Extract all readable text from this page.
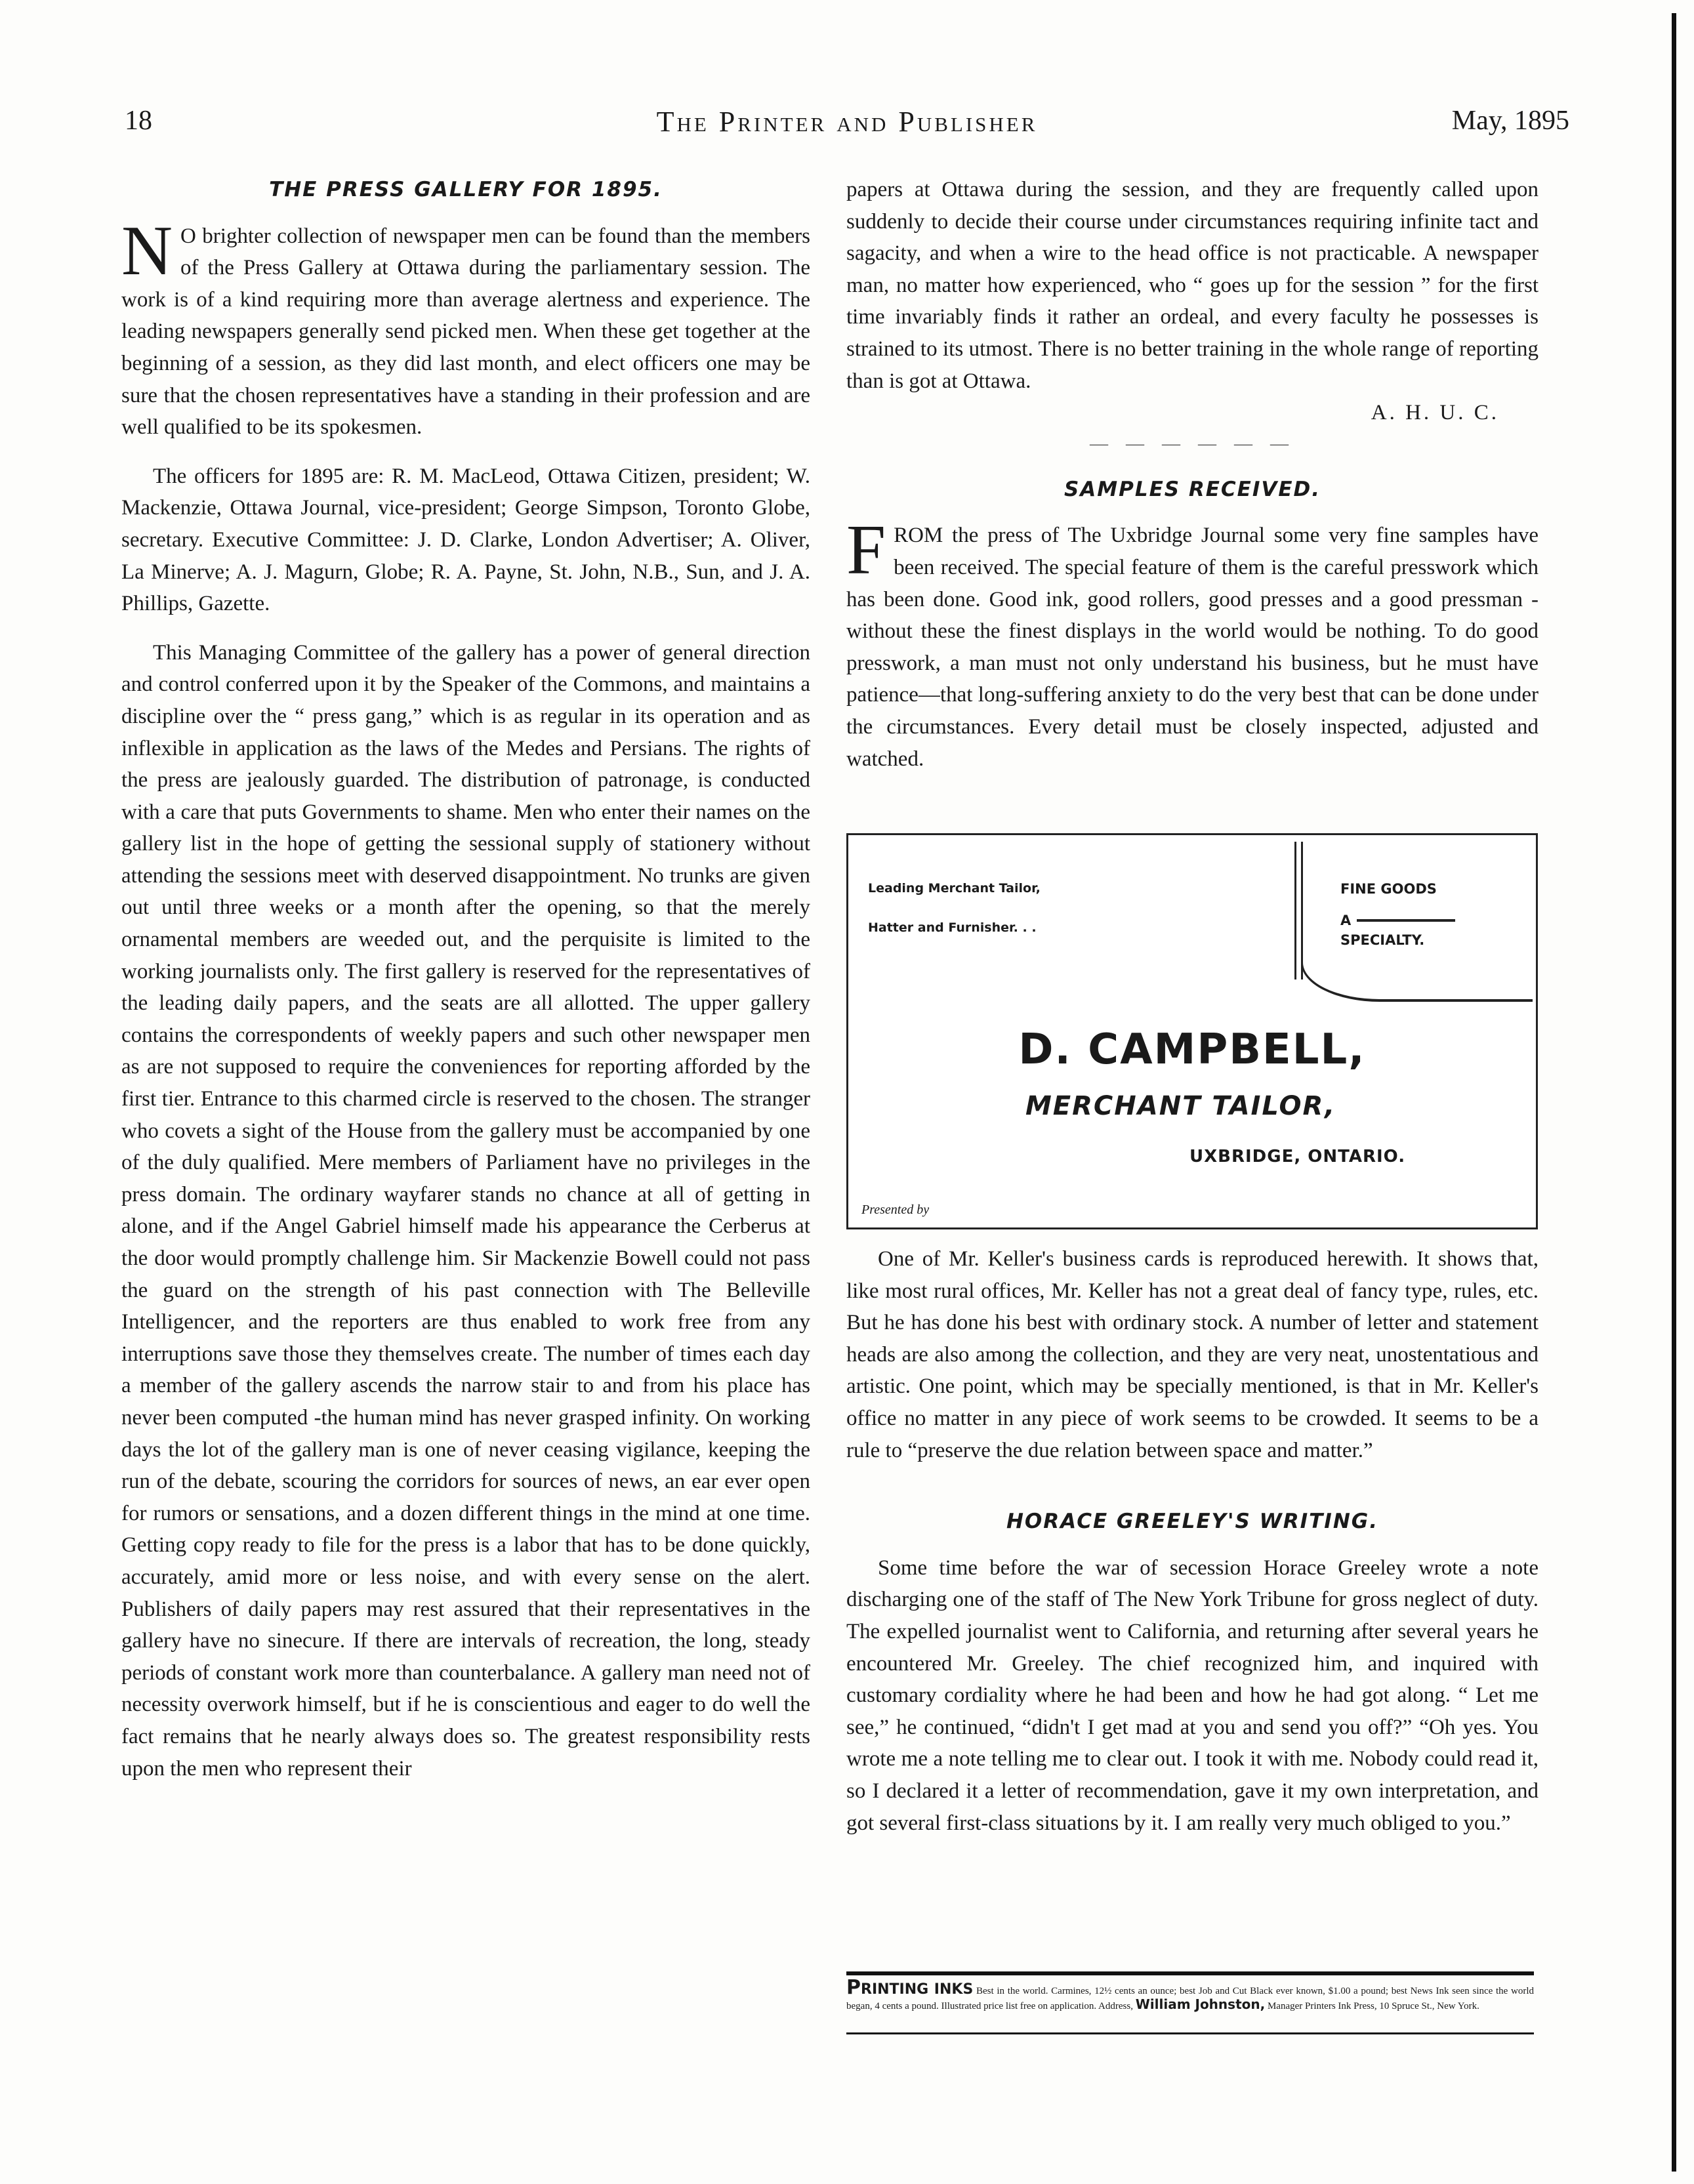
18	The Printer and Publisher	May, 1895
THE PRESS GALLERY FOR 1895.

N O brighter collection of newspaper men can be found than the members of the Press Gallery at Ottawa during the parliamentary session. The work is of a kind requiring more than average alertness and experience. The leading newspapers generally send picked men. When these get together at the beginning of a session, as they did last month, and elect officers one may be sure that the chosen representatives have a standing in their profession and are well qualified to be its spokesmen.

The officers for 1895 are: R. M. MacLeod, Ottawa Citizen, president; W. Mackenzie, Ottawa Journal, vice-president; George Simpson, Toronto Globe, secretary. Executive Committee: J. D. Clarke, London Advertiser; A. Oliver, La Minerve; A. J. Magurn, Globe; R. A. Payne, St. John, N.B., Sun, and J. A. Phillips, Gazette.

This Managing Committee of the gallery has a power of general direction and control conferred upon it by the Speaker of the Commons, and maintains a discipline over the “ press gang,” which is as regular in its operation and as inflexible in application as the laws of the Medes and Persians. The rights of the press are jealously guarded. The distribution of patronage, is conducted with a care that puts Governments to shame. Men who enter their names on the gallery list in the hope of getting the sessional supply of stationery without attending the sessions meet with deserved disappointment. No trunks are given out until three weeks or a month after the opening, so that the merely ornamental members are weeded out, and the perquisite is limited to the working journalists only. The first gallery is reserved for the representatives of the leading daily papers, and the seats are all allotted. The upper gallery contains the correspondents of weekly papers and such other newspaper men as are not supposed to require the conveniences for reporting afforded by the first tier. Entrance to this charmed circle is reserved to the chosen. The stranger who covets a sight of the House from the gallery must be accompanied by one of the duly qualified. Mere members of Parliament have no privileges in the press domain. The ordinary wayfarer stands no chance at all of getting in alone, and if the Angel Gabriel himself made his appearance the Cerberus at the door would promptly challenge him. Sir Mackenzie Bowell could not pass the guard on the strength of his past connection with The Belleville Intelligencer, and the reporters are thus enabled to work free from any interruptions save those they themselves create. The number of times each day a member of the gallery ascends the narrow stair to and from his place has never been computed -the human mind has never grasped infinity. On working days the lot of the gallery man is one of never ceasing vigilance, keeping the run of the debate, scouring the corridors for sources of news, an ear ever open for rumors or sensations, and a dozen different things in the mind at one time. Getting copy ready to file for the press is a labor that has to be done quickly, accurately, amid more or less noise, and with every sense on the alert. Publishers of daily papers may rest assured that their representatives in the gallery have no sinecure. If there are intervals of recreation, the long, steady periods of constant work more than counterbalance. A gallery man need not of necessity overwork himself, but if he is conscientious and eager to do well the fact remains that he nearly always does so. The greatest responsibility rests upon the men who represent their

papers at Ottawa during the session, and they are frequently called upon suddenly to decide their course under circumstances requiring infinite tact and sagacity, and when a wire to the head office is not practicable. A newspaper man, no matter how experienced, who “ goes up for the session ” for the first time invariably finds it rather an ordeal, and every faculty he possesses is strained to its utmost. There is no better training in the whole range of reporting than is got at Ottawa.

A. H. U. C.

— — — — — —
SAMPLES RECEIVED.

FROM the press of The Uxbridge Journal some very fine samples have been received. The special feature of them is the careful presswork which has been done. Good ink, good rollers, good presses and a good pressman -without these the finest displays in the world would be nothing. To do good presswork, a man must not only understand his business, but he must have patience—that long-suffering anxiety to do the very best that can be done under the circumstances. Every detail must be closely inspected, adjusted and watched.

Leading Merchant Tailor,
Hatter and Furnisher. . .
FINE GOODS
A
SPECIALTY.
D. CAMPBELL,
MERCHANT TAILOR,
UXBRIDGE, ONTARIO.
Presented by

One of Mr. Keller's business cards is reproduced herewith. It shows that, like most rural offices, Mr. Keller has not a great deal of fancy type, rules, etc. But he has done his best with ordinary stock. A number of letter and statement heads are also among the collection, and they are very neat, unostentatious and artistic. One point, which may be specially mentioned, is that in Mr. Keller's office no matter in any piece of work seems to be crowded. It seems to be a rule to “preserve the due relation between space and matter.”

HORACE GREELEY'S WRITING.

Some time before the war of secession Horace Greeley wrote a note discharging one of the staff of The New York Tribune for gross neglect of duty. The expelled journalist went to California, and returning after several years he encountered Mr. Greeley. The chief recognized him, and inquired with customary cordiality where he had been and how he had got along. “ Let me see,” he continued, “didn't I get mad at you and send you off?” “Oh yes. You wrote me a note telling me to clear out. I took it with me. Nobody could read it, so I declared it a letter of recommendation, gave it my own interpretation, and got several first-class situations by it. I am really very much obliged to you.”

PRINTING INKS Best in the world. Carmines, 12½ cents an ounce; best Job and Cut Black ever known, $1.00 a pound; best News Ink seen since the world began, 4 cents a pound. Illustrated price list free on application. Address, William Johnston, Manager Printers Ink Press, 10 Spruce St., New York.
